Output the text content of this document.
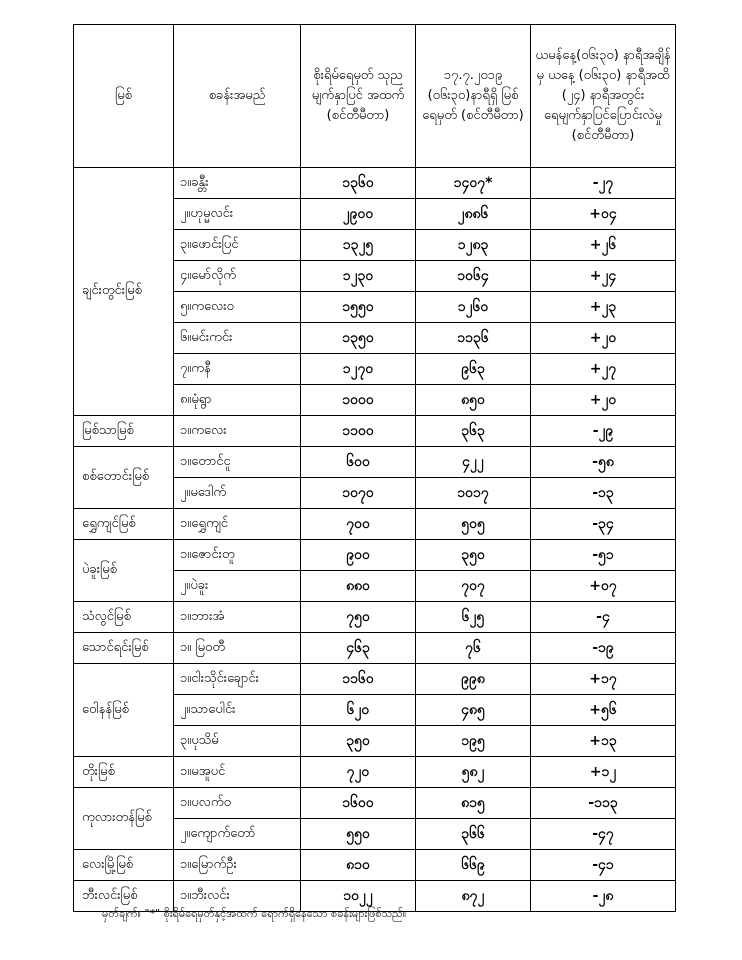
မြစ်	စခန်းအမည်	စိုးရိမ်ရေမှတ် သုညမျက်နှာပြင် အထက် (စင်တီမီတာ)	၁၇.၇.၂၀၁၉ (၀၆း၃၀)နာရီရှိ မြစ်ရေမှတ် (စင်တီမီတာ)	ယမန်နေ့(၀၆း၃၀) နာရီအချိန်မှ ယနေ့ (၀၆း၃၀) နာရီအထိ (၂၄) နာရီအတွင်း ရေမျက်နှာပြင်ပြောင်းလဲမှု (စင်တီမီတာ)
ချင်းတွင်းမြစ်	၁။ခန္တီး	၁၃၆၀	၁၄၀၇*	-၂၇
	၂။ဟုမ္မလင်း	၂၉၀၀	၂၈၈၆	+၀၄
	၃။ဖောင်းပြင်	၁၃၂၅	၁၂၈၃	+၂၆
	၄။မော်လိုက်	၁၂၃၀	၁၀၆၄	+၂၄
	၅။ကလေးဝ	၁၅၅၀	၁၂၆၀	+၂၃
	၆။မင်းကင်း	၁၃၅၀	၁၁၃၆	+၂၀
	၇။ကနီ	၁၂၇၀	၉၆၃	+၂၇
	၈။မုံရွာ	၁၀၀၀	၈၅၀	+၂၀
မြစ်သာမြစ်	၁။ကလေး	၁၁၀၀	၃၆၃	-၂၉
စစ်တောင်းမြစ်	၁။တောင်ငူ	၆၀၀	၄၂၂	-၅၈
	၂။မဒေါက်	၁၀၇၀	၁၀၁၇	-၁၃
ရွှေကျင်မြစ်	၁။ရွှေကျင်	၇၀၀	၅၀၅	-၃၄
ပဲခူးမြစ်	၁။ဇောင်းတူ	၉၀၀	၃၅၀	-၅၁
	၂။ပဲခူး	၈၈၀	၇၀၇	+၀၇
သံလွင်မြစ်	၁။ဘားအံ	၇၅၀	၆၂၅	-၄
သောင်ရင်းမြစ်	၁။ မြဝတီ	၄၆၃	၇၆	-၁၉
ဝေါနန်မြစ်	၁။ငါးသိုင်းချောင်း	၁၁၆၀	၉၉၈	+၁၇
	၂။သာပေါင်း	၆၂၀	၄၈၅	+၅၆
	၃။ပုသိမ်	၃၅၀	၁၉၅	+၁၃
တိုးမြစ်	၁။မအူပင်	၇၂၀	၅၈၂	+၁၂
ကုလားတန်မြစ်	၁။ပလက်ဝ	၁၆၀၀	၈၁၅	-၁၁၃
	၂။ကျောက်တော်	၅၅၀	၃၆၆	-၄၇
လေးမြို့မြစ်	၁။မြောက်ဦး	၈၁၀	၆၆၉	-၄၁
ဘီးလင်းမြစ်	၁။ဘီးလင်း	၁၀၂၂	၈၇၂	-၂၈
မှတ်ချက်။ "*" စိုးရိမ်ရေမှတ်နှင့်အထက် ရောက်ရှိနေသော စခန်းများဖြစ်သည်။
